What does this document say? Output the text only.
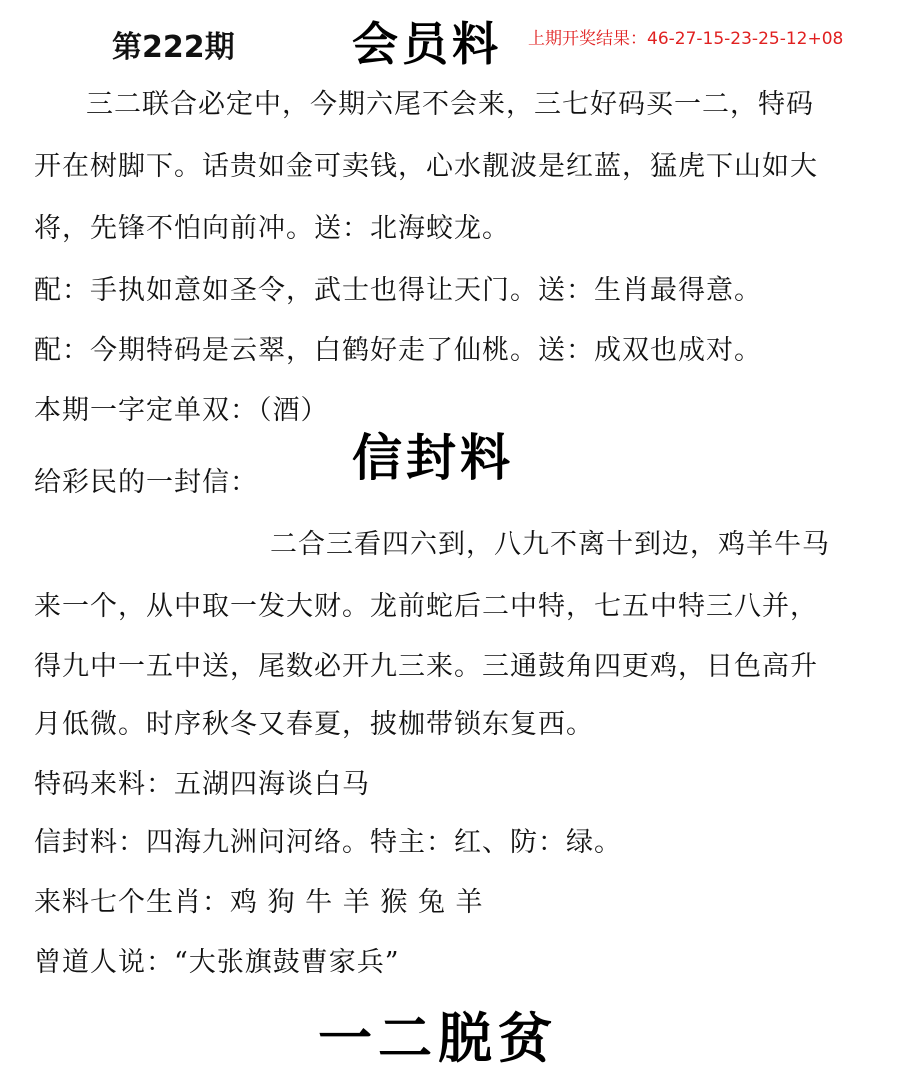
第222期	会员料 上期开奖结果：46-27-15-23-25-12+08
三二联合必定中，今期六尾不会来，三七好码买一二，特码
开在树脚下。话贵如金可卖钱，心水靓波是红蓝，猛虎下山如大
将，先锋不怕向前冲。送：北海蛟龙。
配：手执如意如圣令，武士也得让天门。送：生肖最得意。
配：今期特码是云翠，白鹤好走了仙桃。送：成双也成对。
本期一字定单双：（酒）
信封料
给彩民的一封信：
二合三看四六到，八九不离十到边，鸡羊牛马
来一个，从中取一发大财。龙前蛇后二中特，七五中特三八并，
得九中一五中送，尾数必开九三来。三通鼓角四更鸡，日色高升
月低微。时序秋冬又春夏，披枷带锁东复西。
特码来料：五湖四海谈白马
信封料：四海九洲问河络。特主：红、防：绿。
来料七个生肖：鸡 狗 牛 羊 猴 兔 羊
曾道人说：“大张旗鼓曹家兵”
一二脱贫
